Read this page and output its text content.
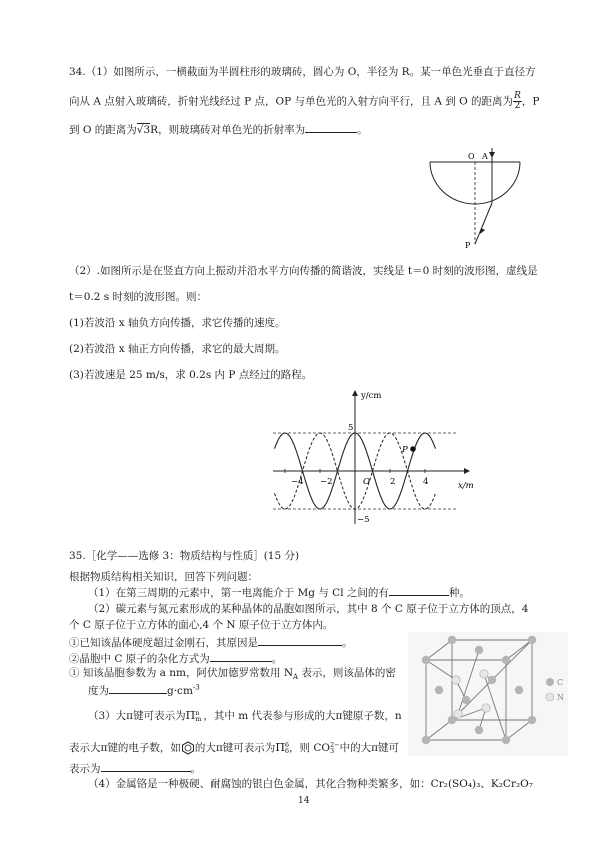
34.（1）如图所示，一横截面为半圆柱形的玻璃砖，圆心为 O，半径为 R。某一单色光垂直于直径方
向从 A 点射入玻璃砖，折射光线经过 P 点，OP 与单色光的入射方向平行，且 A 到 O 的距离为 $\frac{R}{2}$ ，P
到 O 的距离为√3R，则玻璃砖对单色光的折射率为	。
O A
P
（2）.如图所示是在竖直方向上振动并沿水平方向传播的简谐波，实线是 t＝0 时刻的波形图，虚线是
t＝0.2 s 时刻的波形图。则：
(1)若波沿 x 轴负方向传播，求它传播的速度。
(2)若波沿 x 轴正方向传播，求它的最大周期。
(3)若波速是 25 m/s，求 0.2s 内 P 点经过的路程。
y/cm
x/m
O
5
−5
−4 −2	2	4
P
35.［化学——选修 3：物质结构与性质］(15 分)
根据物质结构相关知识，回答下列问题：
（1）在第三周期的元素中，第一电离能介于 Mg 与 Cl 之间的有	种。
（2）碳元素与氮元素形成的某种晶体的晶胞如图所示，其中 8 个 C 原子位于立方体的顶点，4
个 C 原子位于立方体的面心,4 个 N 原子位于立方体内。
①已知该晶体硬度超过金刚石，其原因是	。
②晶胞中 C 原子的杂化方式为	。
① 知该晶胞参数为 a nm，阿伏加德罗常数用 $N_A$ 表示，则该晶体的密
度为	$g\cdot cm^{-3}$
（3）大π键可表示为Π n
m ，其中 m 代表参与形成的大π键原子数，n
表示大π键的电子数，如 的大π键可表示为Π 6
6 ，则 CO 2−
3 中的大π键可
表示为	。
（4）金属铬是一种极硬、耐腐蚀的银白色金属，其化合物种类繁多，如：Cr₂(SO₄)₃、K₂Cr₂O₇
C
N
14
